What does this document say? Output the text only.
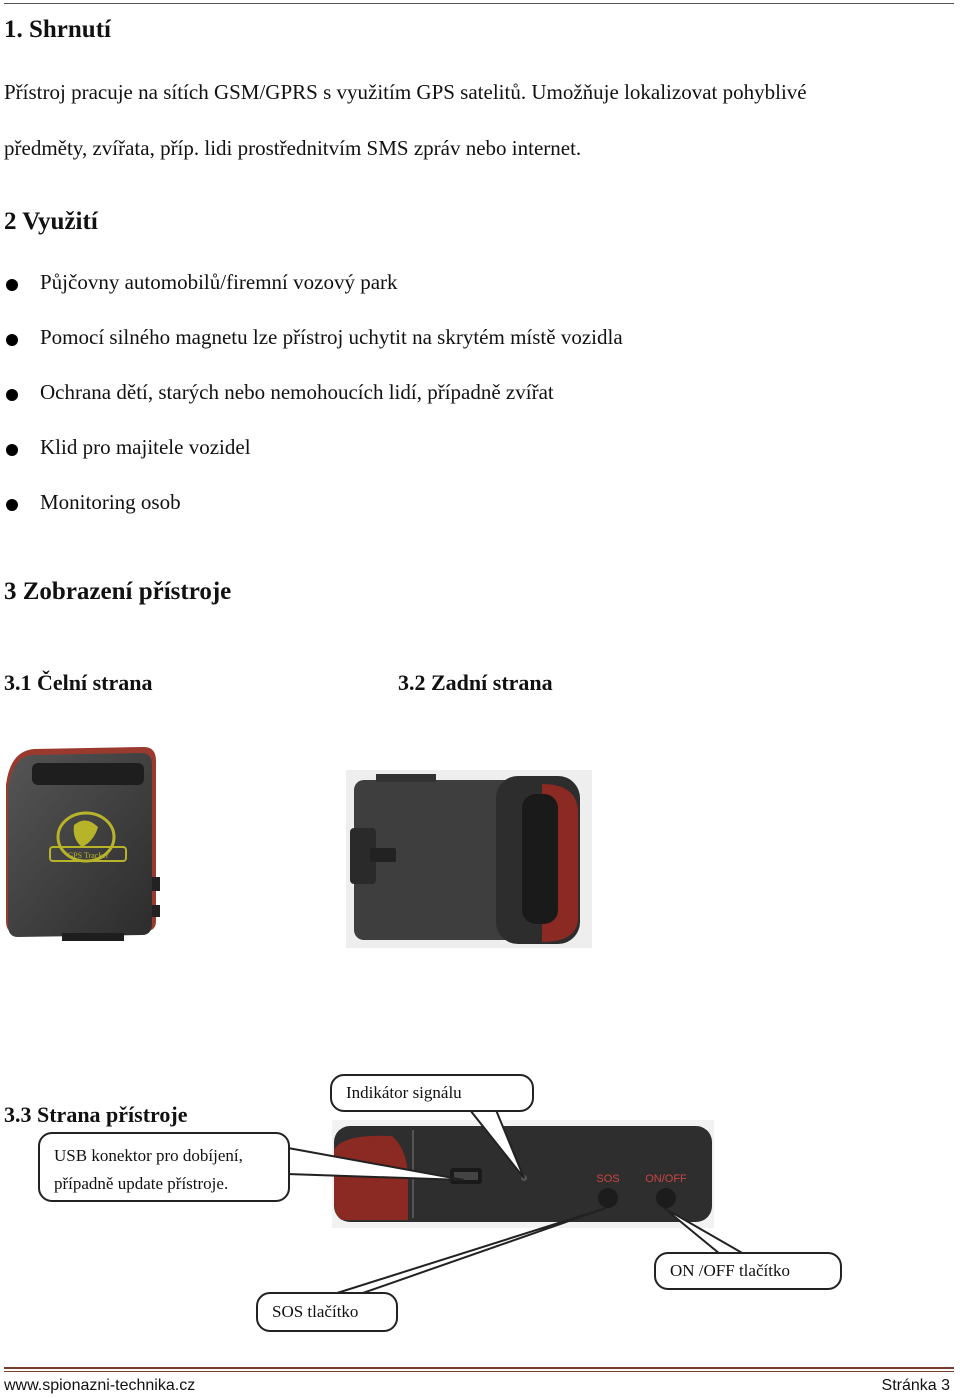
1. Shrnutí

Přístroj pracuje na sítích GSM/GPRS s využitím GPS satelitů. Umožňuje lokalizovat pohyblivé

předměty, zvířata, příp. lidi prostřednitvím SMS zpráv nebo internet.

2 Využití
Půjčovny automobilů/firemní vozový park
Pomocí silného magnetu lze přístroj uchytit na skrytém místě vozidla
Ochrana dětí, starých nebo nemohoucích lidí, případně zvířat
Klid pro majitele vozidel
Monitoring osob
3 Zobrazení přístroje
3.1 Čelní strana	3.2 Zadní strana
GPS Tracker
3.3 Strana přístroje
SOS ON/OFF
Indikátor signálu
USB konektor pro dobíjení,
případně update přístroje.
ON /OFF tlačítko
SOS tlačítko
www.spionazni-technika.cz	Stránka 3
